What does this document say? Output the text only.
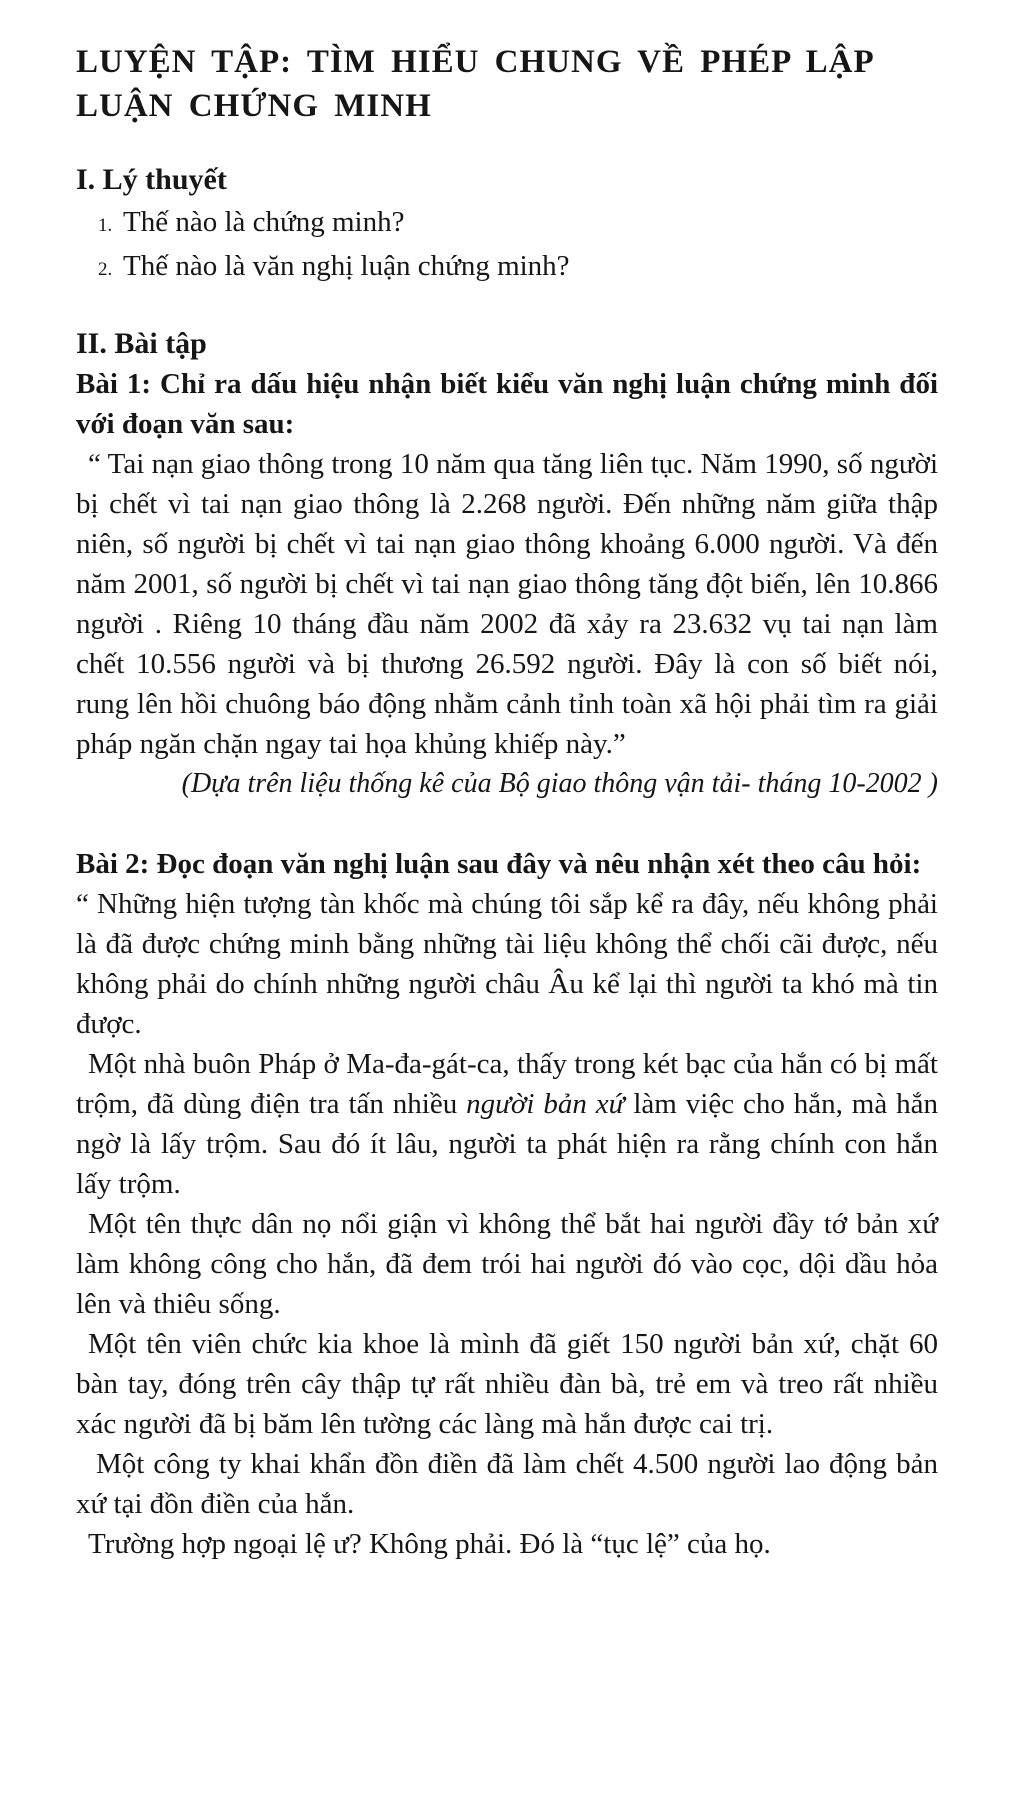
LUYỆN TẬP: TÌM HIỂU CHUNG VỀ PHÉP LẬP LUẬN CHỨNG MINH
I. Lý thuyết
1. Thế nào là chứng minh?
2. Thế nào là văn nghị luận chứng minh?
II. Bài tập

Bài 1: Chỉ ra dấu hiệu nhận biết kiểu văn nghị luận chứng minh đối với đoạn văn sau:

“ Tai nạn giao thông trong 10 năm qua tăng liên tục. Năm 1990, số người bị chết vì tai nạn giao thông là 2.268 người. Đến những năm giữa thập niên, số người bị chết vì tai nạn giao thông khoảng 6.000 người. Và đến năm 2001, số người bị chết vì tai nạn giao thông tăng đột biến, lên 10.866 người . Riêng 10 tháng đầu năm 2002 đã xảy ra 23.632 vụ tai nạn làm chết 10.556 người và bị thương 26.592 người. Đây là con số biết nói, rung lên hồi chuông báo động nhằm cảnh tỉnh toàn xã hội phải tìm ra giải pháp ngăn chặn ngay tai họa khủng khiếp này.”

(Dựa trên liệu thống kê của Bộ giao thông vận tải- tháng 10-2002 )

Bài 2: Đọc đoạn văn nghị luận sau đây và nêu nhận xét theo câu hỏi:

“ Những hiện tượng tàn khốc mà chúng tôi sắp kể ra đây, nếu không phải là đã được chứng minh bằng những tài liệu không thể chối cãi được, nếu không phải do chính những người châu Âu kể lại thì người ta khó mà tin được.

Một nhà buôn Pháp ở Ma-đa-gát-ca, thấy trong két bạc của hắn có bị mất trộm, đã dùng điện tra tấn nhiều người bản xứ làm việc cho hắn, mà hắn ngờ là lấy trộm. Sau đó ít lâu, người ta phát hiện ra rằng chính con hắn lấy trộm.

Một tên thực dân nọ nổi giận vì không thể bắt hai người đầy tớ bản xứ làm không công cho hắn, đã đem trói hai người đó vào cọc, dội dầu hỏa lên và thiêu sống.

Một tên viên chức kia khoe là mình đã giết 150 người bản xứ, chặt 60 bàn tay, đóng trên cây thập tự rất nhiều đàn bà, trẻ em và treo rất nhiều xác người đã bị băm lên tường các làng mà hắn được cai trị.

Một công ty khai khẩn đồn điền đã làm chết 4.500 người lao động bản xứ tại đồn điền của hắn.

Trường hợp ngoại lệ ư? Không phải. Đó là “tục lệ” của họ.
